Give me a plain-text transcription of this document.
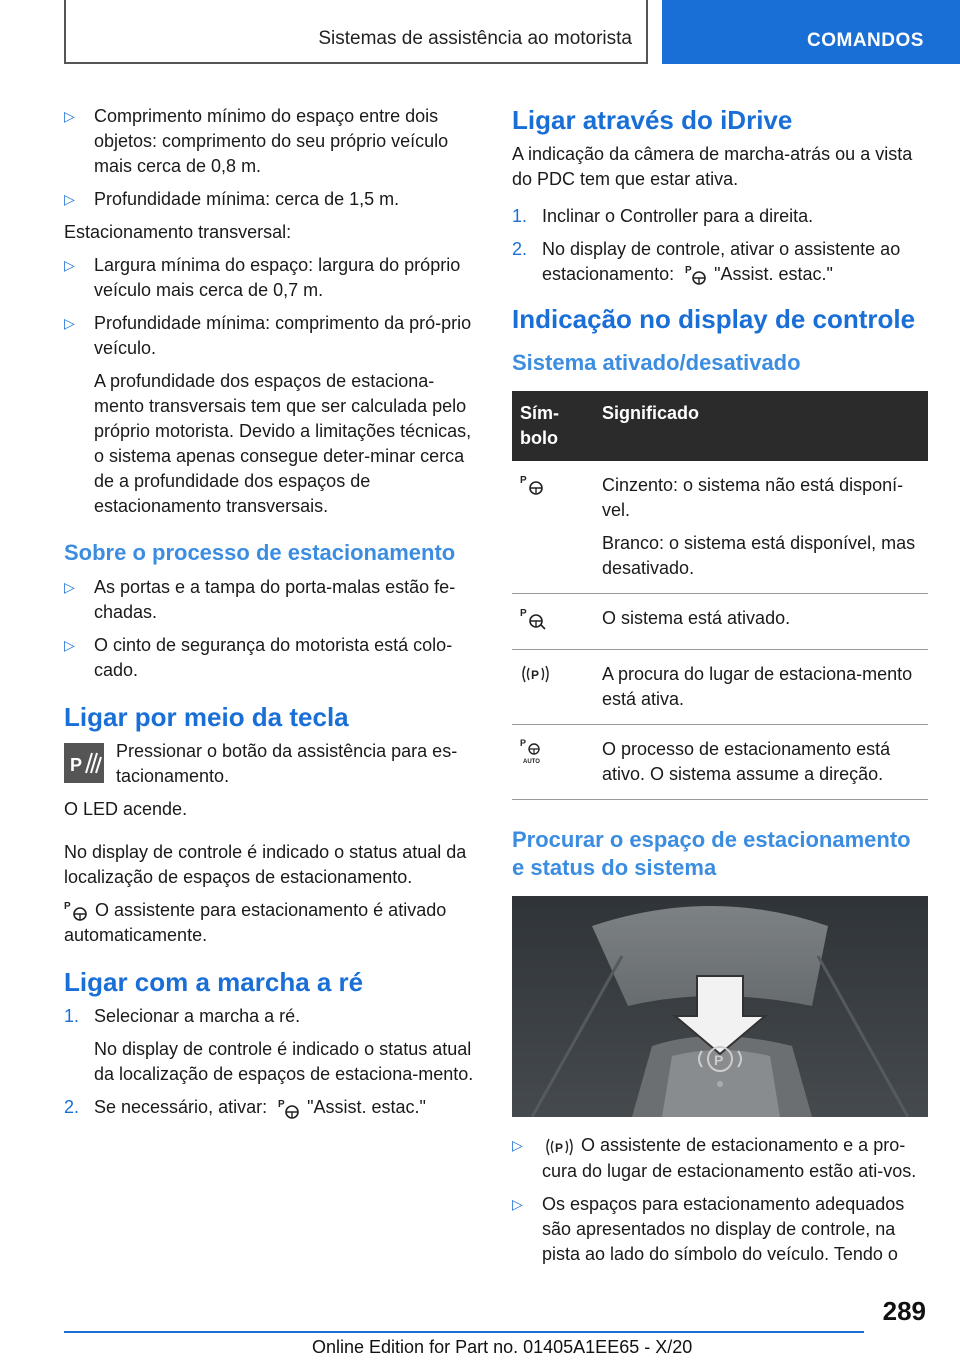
Sistemas de assistência ao motorista	COMANDOS
▷ Comprimento mínimo do espaço entre dois objetos: comprimento do seu próprio veículo mais cerca de 0,8 m.

▷ Profundidade mínima: cerca de 1,5 m.

Estacionamento transversal:

▷ Largura mínima do espaço: largura do próprio veículo mais cerca de 0,7 m.

▷ Profundidade mínima: comprimento da pró-prio veículo.

A profundidade dos espaços de estaciona-mento transversais tem que ser calculada pelo próprio motorista. Devido a limitações técnicas, o sistema apenas consegue deter-minar cerca de a profundidade dos espaços de estacionamento transversais.

Sobre o processo de estacionamento
▷ As portas e a tampa do porta-malas estão fe-chadas.

▷ O cinto de segurança do motorista está colo-cado.

Ligar por meio da tecla
P

Pressionar o botão da assistência para es-tacionamento.

O LED acende.

No display de controle é indicado o status atual da localização de espaços de estacionamento.

P O assistente para estacionamento é ativado automaticamente.

Ligar com a marcha a ré
1. Selecionar a marcha a ré.

No display de controle é indicado o status atual da localização de espaços de estaciona-mento.

2. Se necessário, ativar: P "Assist. estac."

Ligar através do iDrive

A indicação da câmera de marcha-atrás ou a vista do PDC tem que estar ativa.

1. Inclinar o Controller para a direita.

2. No display de controle, ativar o assistente ao estacionamento: P "Assist. estac."

Indicação no display de controle
Sistema ativado/desativado
Sím-bolo	Significado

P	Cinzento: o sistema não está disponí-vel.

Branco: o sistema está disponível, mas desativado.

P	O sistema está ativado.

P	A procura do lugar de estaciona-mento está ativa.

P
AUTO	O processo de estacionamento está ativo. O sistema assume a direção.

Procurar o espaço de estacionamento e status do sistema
P
▷	P O assistente de estacionamento e a pro-cura do lugar de estacionamento estão ati-vos.

▷ Os espaços para estacionamento adequados são apresentados no display de controle, na pista ao lado do símbolo do veículo. Tendo o

289
Online Edition for Part no. 01405A1EE65 - X/20
